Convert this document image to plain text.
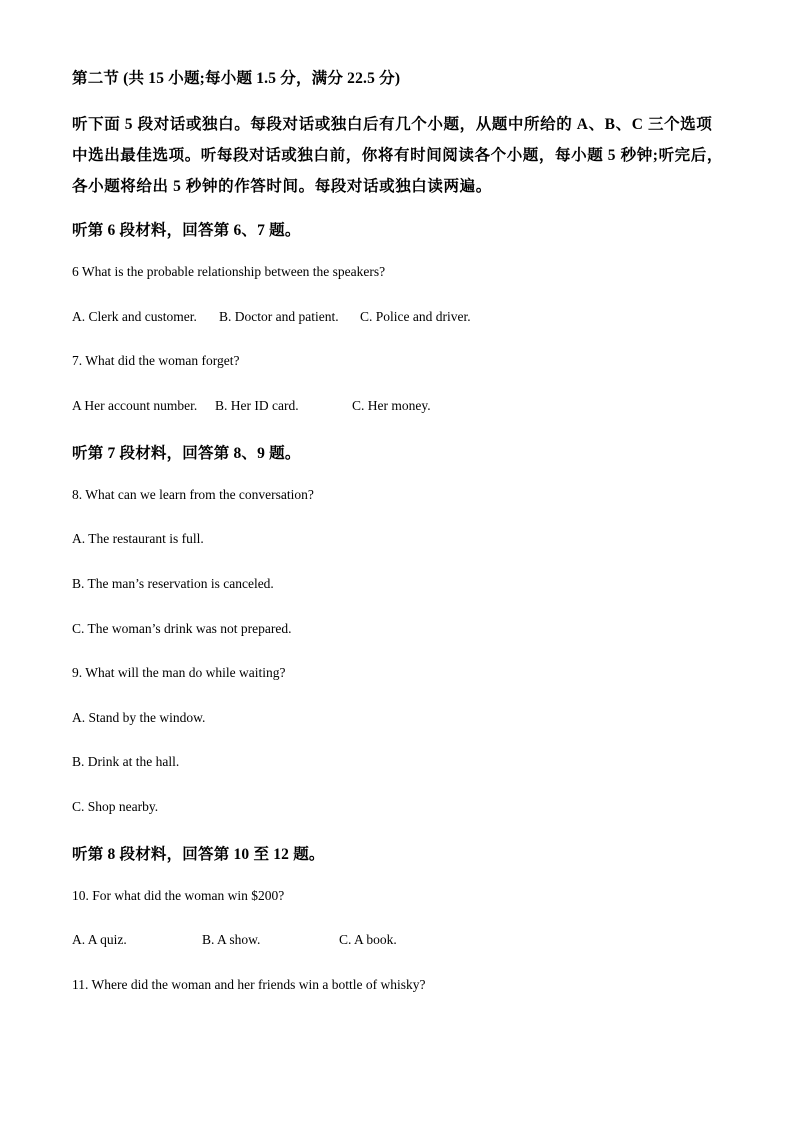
第二节 (共 15 小题;每小题 1.5 分，满分 22.5 分)
听下面 5 段对话或独白。每段对话或独白后有几个小题，从题中所给的 A、B、C 三个选项
中选出最佳选项。听每段对话或独白前，你将有时间阅读各个小题，每小题 5 秒钟;听完后，
各小题将给出 5 秒钟的作答时间。每段对话或独白读两遍。
听第 6 段材料，回答第 6、7 题。
6 What is the probable relationship between the speakers?
A. Clerk and customer. B. Doctor and patient. C. Police and driver.
7. What did the woman forget?
A Her account number. B. Her ID card.	C. Her money.
听第 7 段材料，回答第 8、9 题。
8. What can we learn from the conversation?
A. The restaurant is full.
B. The man’s reservation is canceled.
C. The woman’s drink was not prepared.
9. What will the man do while waiting?
A. Stand by the window.
B. Drink at the hall.
C. Shop nearby.
听第 8 段材料，回答第 10 至 12 题。
10. For what did the woman win $200?
A. A quiz.	B. A show.	C. A book.
11. Where did the woman and her friends win a bottle of whisky?
